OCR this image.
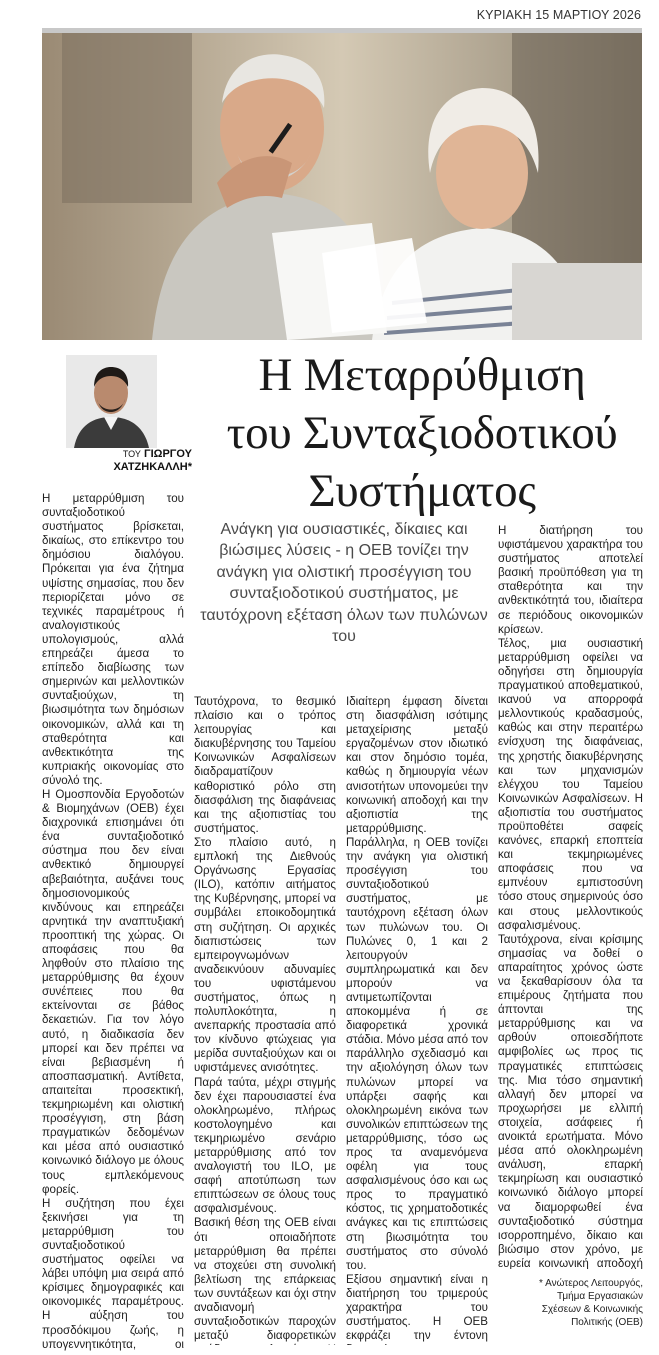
ΚΥΡΙΑΚΗ 15 ΜΑΡΤΙΟΥ 2026
ΤΟΥ ΓΙΩΡΓΟΥ
ΧΑΤΖΗΚΑΛΛΗ*
Η Μεταρρύθμιση
του Συνταξιοδοτικού
Συστήματος
Ανάγκη για ουσιαστικές, δίκαιες και βιώσιμες λύσεις - η ΟΕΒ τονίζει την ανάγκη για ολιστική προσέγγιση του συνταξιοδοτικού συστήματος, με ταυτόχρονη εξέταση όλων των πυλώνων του

Η μεταρρύθμιση του συνταξιοδοτικού συστήματος βρίσκεται, δικαίως, στο επίκεντρο του δημόσιου διαλόγου. Πρόκειται για ένα ζήτημα υψίστης σημασίας, που δεν περιορίζεται μόνο σε τεχνικές παραμέτρους ή αναλογιστικούς υπολογισμούς, αλλά επηρεάζει άμεσα το επίπεδο διαβίωσης των σημερινών και μελλοντικών συνταξιούχων, τη βιωσιμότητα των δημόσιων οικονομικών, αλλά και τη σταθερότητα και ανθεκτικότητα της κυπριακής οικονομίας στο σύνολό της.

Η Ομοσπονδία Εργοδοτών & Βιομηχάνων (ΟΕΒ) έχει διαχρονικά επισημάνει ότι ένα συνταξιοδοτικό σύστημα που δεν είναι ανθεκτικό δημιουργεί αβεβαιότητα, αυξάνει τους δημοσιονομικούς κινδύνους και επηρεάζει αρνητικά την αναπτυξιακή προοπτική της χώρας. Οι αποφάσεις που θα ληφθούν στο πλαίσιο της μεταρρύθμισης θα έχουν συνέπειες που θα εκτείνονται σε βάθος δεκαετιών. Για τον λόγο αυτό, η διαδικασία δεν μπορεί και δεν πρέπει να είναι βεβιασμένη ή αποσπασματική. Αντίθετα, απαιτείται προσεκτική, τεκμηριωμένη και ολιστική προσέγγιση, στη βάση πραγματικών δεδομένων και μέσα από ουσιαστικό κοινωνικό διάλογο με όλους τους εμπλεκόμενους φορείς.

Η συζήτηση που έχει ξεκινήσει για τη μεταρρύθμιση του συνταξιοδοτικού συστήματος οφείλει να λάβει υπόψη μια σειρά από κρίσιμες δημογραφικές και οικονομικές παραμέτρους. Η αύξηση του προσδόκιμου ζωής, η υπογεννητικότητα, οι

Ταυτόχρονα, το θεσμικό πλαίσιο και ο τρόπος λειτουργίας και διακυβέρνησης του Ταμείου Κοινωνικών Ασφαλίσεων διαδραματίζουν καθοριστικό ρόλο στη διασφάλιση της διαφάνειας και της αξιοπιστίας του συστήματος.

Στο πλαίσιο αυτό, η εμπλοκή της Διεθνούς Οργάνωσης Εργασίας (ILO), κατόπιν αιτήματος της Κυβέρνησης, μπορεί να συμβάλει εποικοδομητικά στη συζήτηση. Οι αρχικές διαπιστώσεις των εμπειρογνωμόνων αναδεικνύουν αδυναμίες του υφιστάμενου συστήματος, όπως η πολυπλοκότητα, η ανεπαρκής προστασία από τον κίνδυνο φτώχειας για μερίδα συνταξιούχων και οι υφιστάμενες ανισότητες.

Παρά ταύτα, μέχρι στιγμής δεν έχει παρουσιαστεί ένα ολοκληρωμένο, πλήρως κοστολογημένο και τεκμηριωμένο σενάριο μεταρρύθμισης από τον αναλογιστή του ILO, με σαφή αποτύπωση των επιπτώσεων σε όλους τους ασφαλισμένους.

Βασική θέση της ΟΕΒ είναι ότι οποιαδήποτε μεταρρύθμιση θα πρέπει να στοχεύει στη συνολική βελτίωση της επάρκειας των συντάξεων και όχι στην αναδιανομή συνταξιοδοτικών παροχών μεταξύ διαφορετικών

Ιδιαίτερη έμφαση δίνεται στη διασφάλιση ισότιμης μεταχείρισης μεταξύ εργαζομένων στον ιδιωτικό και στον δημόσιο τομέα, καθώς η δημιουργία νέων ανισοτήτων υπονομεύει την κοινωνική αποδοχή και την αξιοπιστία της μεταρρύθμισης.

Παράλληλα, η ΟΕΒ τονίζει την ανάγκη για ολιστική προσέγγιση του συνταξιοδοτικού συστήματος, με ταυτόχρονη εξέταση όλων των πυλώνων του. Οι Πυλώνες 0, 1 και 2 λειτουργούν συμπληρωματικά και δεν μπορούν να αντιμετωπίζονται αποκομμένα ή σε διαφορετικά χρονικά στάδια. Μόνο μέσα από τον παράλληλο σχεδιασμό και την αξιολόγηση όλων των πυλώνων μπορεί να υπάρξει σαφής και ολοκληρωμένη εικόνα των συνολικών επιπτώσεων της μεταρρύθμισης, τόσο ως προς τα αναμενόμενα οφέλη για τους ασφαλισμένους όσο και ως προς το πραγματικό κόστος, τις χρηματοδοτικές ανάγκες και τις επιπτώσεις στη βιωσιμότητα του συστήματος στο σύνολό του.

Εξίσου σημαντική είναι η διατήρηση του τριμερούς χαρακτήρα του συστήματος. Η ΟΕΒ εκφράζει την έντονη

Η διατήρηση του υφιστάμενου χαρακτήρα του συστήματος αποτελεί βασική προϋπόθεση για τη σταθερότητα και την ανθεκτικότητά του, ιδιαίτερα σε περιόδους οικονομικών κρίσεων.

Τέλος, μια ουσιαστική μεταρρύθμιση οφείλει να οδηγήσει στη δημιουργία πραγματικού αποθεματικού, ικανού να απορροφά μελλοντικούς κραδασμούς, καθώς και στην περαιτέρω ενίσχυση της διαφάνειας, της χρηστής διακυβέρνησης και των μηχανισμών ελέγχου του Ταμείου Κοινωνικών Ασφαλίσεων. Η αξιοπιστία του συστήματος προϋποθέτει σαφείς κανόνες, επαρκή εποπτεία και τεκμηριωμένες αποφάσεις που να εμπνέουν εμπιστοσύνη τόσο στους σημερινούς όσο και στους μελλοντικούς ασφαλισμένους.

Ταυτόχρονα, είναι κρίσιμης σημασίας να δοθεί ο απαραίτητος χρόνος ώστε να ξεκαθαρίσουν όλα τα επιμέρους ζητήματα που άπτονται της μεταρρύθμισης και να αρθούν οποιεσδήποτε αμφιβολίες ως προς τις πραγματικές επιπτώσεις της. Μια τόσο σημαντική αλλαγή δεν μπορεί να προχωρήσει με ελλιπή στοιχεία, ασάφειες ή ανοικτά ερωτήματα. Μόνο μέσα από ολοκληρωμένη ανάλυση, επαρκή τεκμηρίωση και ουσιαστικό κοινωνικό διάλογο μπορεί να διαμορφωθεί ένα συνταξιοδοτικό σύστημα ισορροπημένο, δίκαιο και βιώσιμο στον χρόνο, με ευρεία κοινωνική αποδοχή

* Ανώτερος Λειτουργός,
Τμήμα Εργασιακών
Σχέσεων & Κοινωνικής
Πολιτικής (ΟΕΒ)
